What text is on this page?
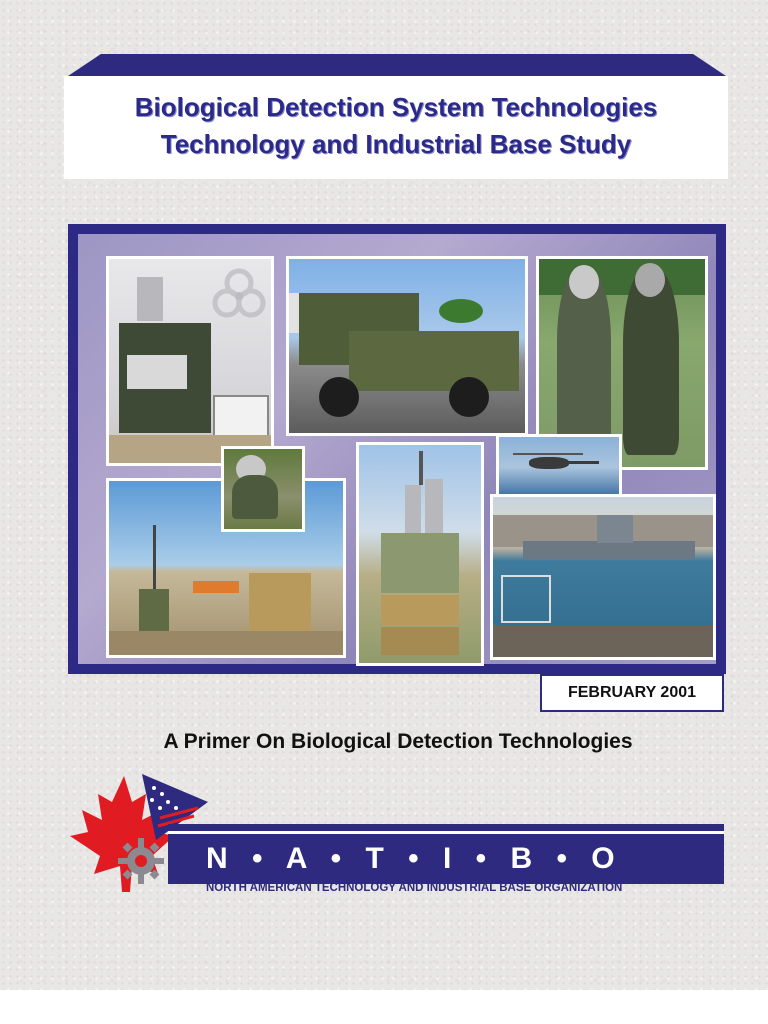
Biological Detection System Technologies
Technology and Industrial Base Study
FEBRUARY 2001
A Primer On Biological Detection Technologies
N • A • T • I • B • O
NORTH AMERICAN TECHNOLOGY AND INDUSTRIAL BASE ORGANIZATION
